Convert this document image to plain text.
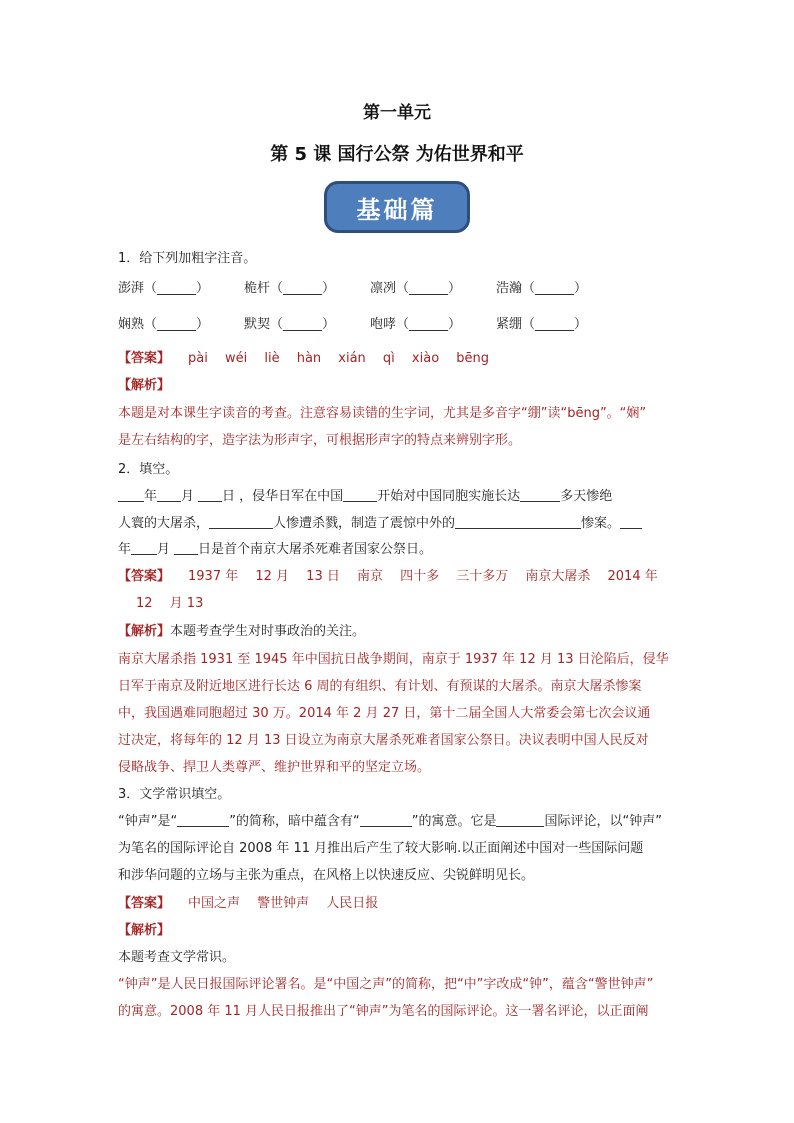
第一单元
第 5 课 国行公祭 为佑世界和平
基础篇
1．给下列加粗字注音。
澎湃（______）	桅杆（______）	凛冽（______）	浩瀚（______）
娴熟（______）	默契（______）	咆哮（______）	紧绷（______）
【答案】 pài　 wéi　 liè　 hàn　 xián　 qì　 xiào　 bēng
【解析】
本题是对本课生字读音的考查。注意容易读错的生字词，尤其是多音字“绷”读“bēng”。“娴”
是左右结构的字，造字法为形声字，可根据形声字的特点来辨别字形。
2．填空。
年 月 日 ，侵华日军在中国	开始对中国同胞实施长达	多天惨绝
人寰的大屠杀，	人惨遭杀戮，制造了震惊中外的	惨案。
年 月 日是首个南京大屠杀死难者国家公祭日。
【答案】 1937 年　 12 月　 13 日　 南京　 四十多　 三十多万　 南京大屠杀　 2014 年
12　 月 13
【解析】本题考查学生对时事政治的关注。
南京大屠杀指 1931 至 1945 年中国抗日战争期间，南京于 1937 年 12 月 13 日沦陷后，侵华
日军于南京及附近地区进行长达 6 周的有组织、有计划、有预谋的大屠杀。南京大屠杀惨案
中，我国遇难同胞超过 30 万。2014 年 2 月 27 日，第十二届全国人大常委会第七次会议通
过决定，将每年的 12 月 13 日设立为南京大屠杀死难者国家公祭日。决议表明中国人民反对
侵略战争、捍卫人类尊严、维护世界和平的坚定立场。
3．文学常识填空。
“钟声”是“	”的简称，暗中蕴含有“	”的寓意。它是	国际评论，以“钟声”
为笔名的国际评论自 2008 年 11 月推出后产生了较大影响.以正面阐述中国对一些国际问题
和涉华问题的立场与主张为重点，在风格上以快速反应、尖锐鲜明见长。
【答案】 中国之声　 警世钟声　 人民日报
【解析】
本题考查文学常识。
“钟声”是人民日报国际评论署名。是“中国之声”的简称，把“中”字改成“钟”，蕴含“警世钟声”
的寓意。2008 年 11 月人民日报推出了“钟声”为笔名的国际评论。这一署名评论，以正面阐
